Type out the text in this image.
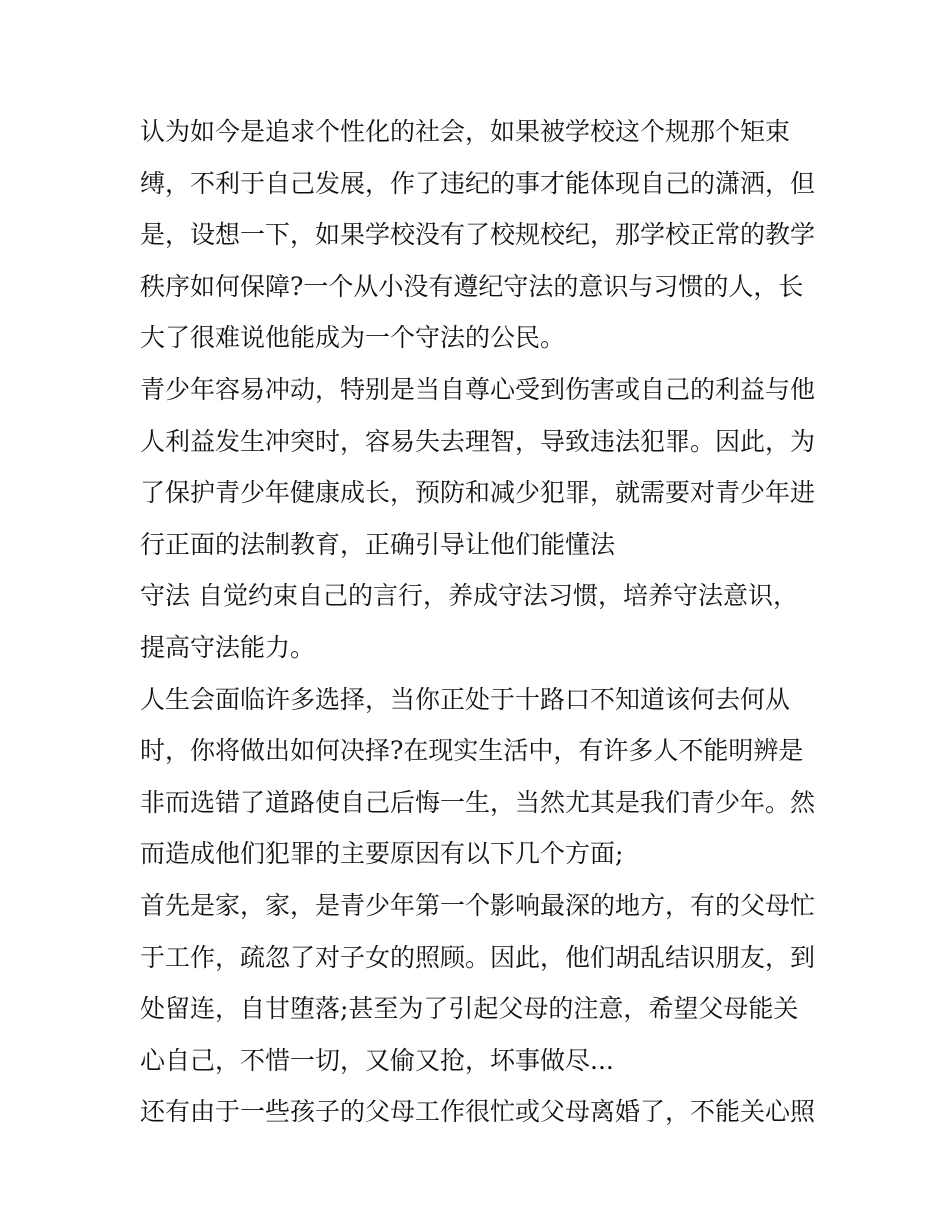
认为如今是追求个性化的社会，如果被学校这个规那个矩束
缚，不利于自己发展，作了违纪的事才能体现自己的潇洒，但
是，设想一下，如果学校没有了校规校纪，那学校正常的教学
秩序如何保障?一个从小没有遵纪守法的意识与习惯的人，长
大了很难说他能成为一个守法的公民。
青少年容易冲动，特别是当自尊心受到伤害或自己的利益与他
人利益发生冲突时，容易失去理智，导致违法犯罪。因此，为
了保护青少年健康成长，预防和减少犯罪，就需要对青少年进
行正面的法制教育，正确引导让他们能懂法
守法 自觉约束自己的言行，养成守法习惯，培养守法意识，
提高守法能力。
人生会面临许多选择，当你正处于十路口不知道该何去何从
时，你将做出如何决择?在现实生活中，有许多人不能明辨是
非而选错了道路使自己后悔一生，当然尤其是我们青少年。然
而造成他们犯罪的主要原因有以下几个方面;
首先是家，家，是青少年第一个影响最深的地方，有的父母忙
于工作，疏忽了对子女的照顾。因此，他们胡乱结识朋友，到
处留连，自甘堕落;甚至为了引起父母的注意，希望父母能关
心自己，不惜一切，又偷又抢，坏事做尽...
还有由于一些孩子的父母工作很忙或父母离婚了，不能关心照
